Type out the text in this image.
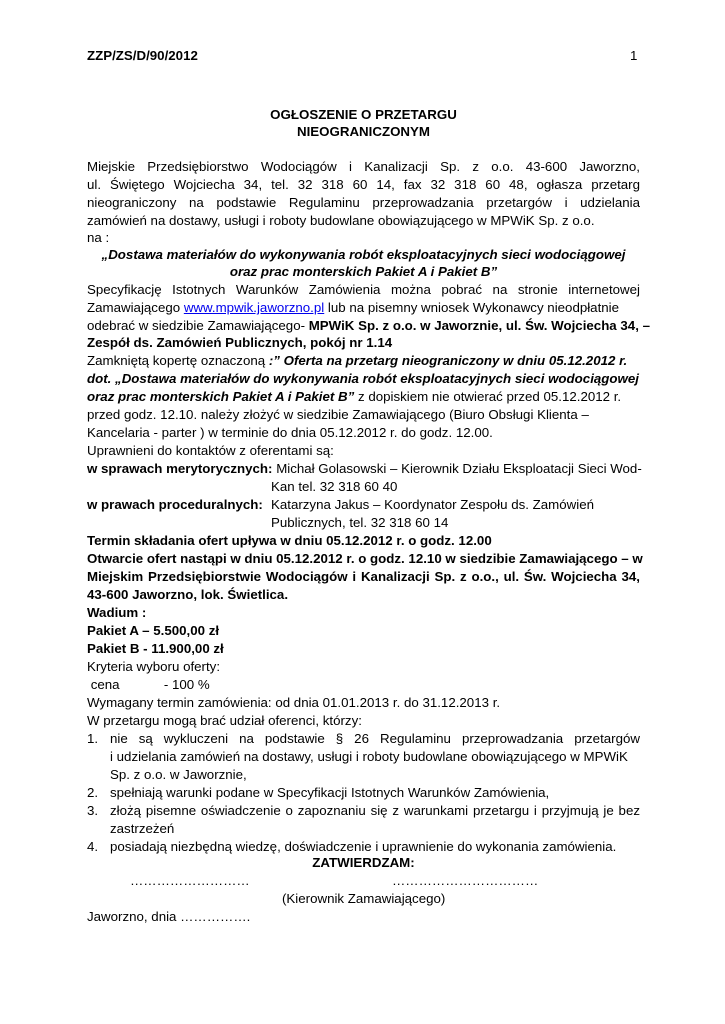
ZZP/ZS/D/90/2012	1
OGŁOSZENIE O PRZETARGU
NIEOGRANICZONYM
Miejskie Przedsiębiorstwo Wodociągów i Kanalizacji Sp. z o.o. 43-600 Jaworzno,
ul. Świętego Wojciecha 34, tel. 32 318 60 14, fax 32 318 60 48, ogłasza przetarg
nieograniczony na podstawie Regulaminu przeprowadzania przetargów i udzielania
zamówień na dostawy, usługi i roboty budowlane obowiązującego w MPWiK Sp. z o.o.
na :
„Dostawa materiałów do wykonywania robót eksploatacyjnych sieci wodociągowej
oraz prac monterskich Pakiet A i Pakiet B”
Specyfikację Istotnych Warunków Zamówienia można pobrać na stronie internetowej
Zamawiającego www.mpwik.jaworzno.pl lub na pisemny wniosek Wykonawcy nieodpłatnie
odebrać w siedzibie Zamawiającego- MPWiK Sp. z o.o. w Jaworznie, ul. Św. Wojciecha 34, –
Zespół ds. Zamówień Publicznych, pokój nr 1.14
Zamkniętą kopertę oznaczoną :” Oferta na przetarg nieograniczony w dniu 05.12.2012 r.
dot. „Dostawa materiałów do wykonywania robót eksploatacyjnych sieci wodociągowej
oraz prac monterskich Pakiet A i Pakiet B” z dopiskiem nie otwierać przed 05.12.2012 r.
przed godz. 12.10. należy złożyć w siedzibie Zamawiającego (Biuro Obsługi Klienta –
Kancelaria - parter ) w terminie do dnia 05.12.2012 r. do godz. 12.00.
Uprawnieni do kontaktów z oferentami są:
w sprawach merytorycznych: Michał Golasowski – Kierownik Działu Eksploatacji Sieci Wod-
Kan tel. 32 318 60 40
w prawach proceduralnych: Katarzyna Jakus – Koordynator Zespołu ds. Zamówień
Publicznych, tel. 32 318 60 14
Termin składania ofert upływa w dniu 05.12.2012 r. o godz. 12.00
Otwarcie ofert nastąpi w dniu 05.12.2012 r. o godz. 12.10 w siedzibie Zamawiającego – w
Miejskim Przedsiębiorstwie Wodociągów i Kanalizacji Sp. z o.o., ul. Św. Wojciecha 34,
43-600 Jaworzno, lok. Świetlica.
Wadium :
Pakiet A – 5.500,00 zł
Pakiet B - 11.900,00 zł
Kryteria wyboru oferty:
cena            - 100 %
Wymagany termin zamówienia: od dnia 01.01.2013 r. do 31.12.2013 r.
W przetargu mogą brać udział oferenci, którzy:
1. nie są wykluczeni na podstawie § 26 Regulaminu przeprowadzania przetargów
i udzielania zamówień na dostawy, usługi i roboty budowlane obowiązującego w MPWiK
Sp. z o.o. w Jaworznie,
2. spełniają warunki podane w Specyfikacji Istotnych Warunków Zamówienia,
3. złożą pisemne oświadczenie o zapoznaniu się z warunkami przetargu i przyjmują je bez
zastrzeżeń
4. posiadają niezbędną wiedzę, doświadczenie i uprawnienie do wykonania zamówienia.
ZATWIERDZAM:
………………………	……………………………
(Kierownik Zamawiającego)
Jaworzno, dnia …………….
